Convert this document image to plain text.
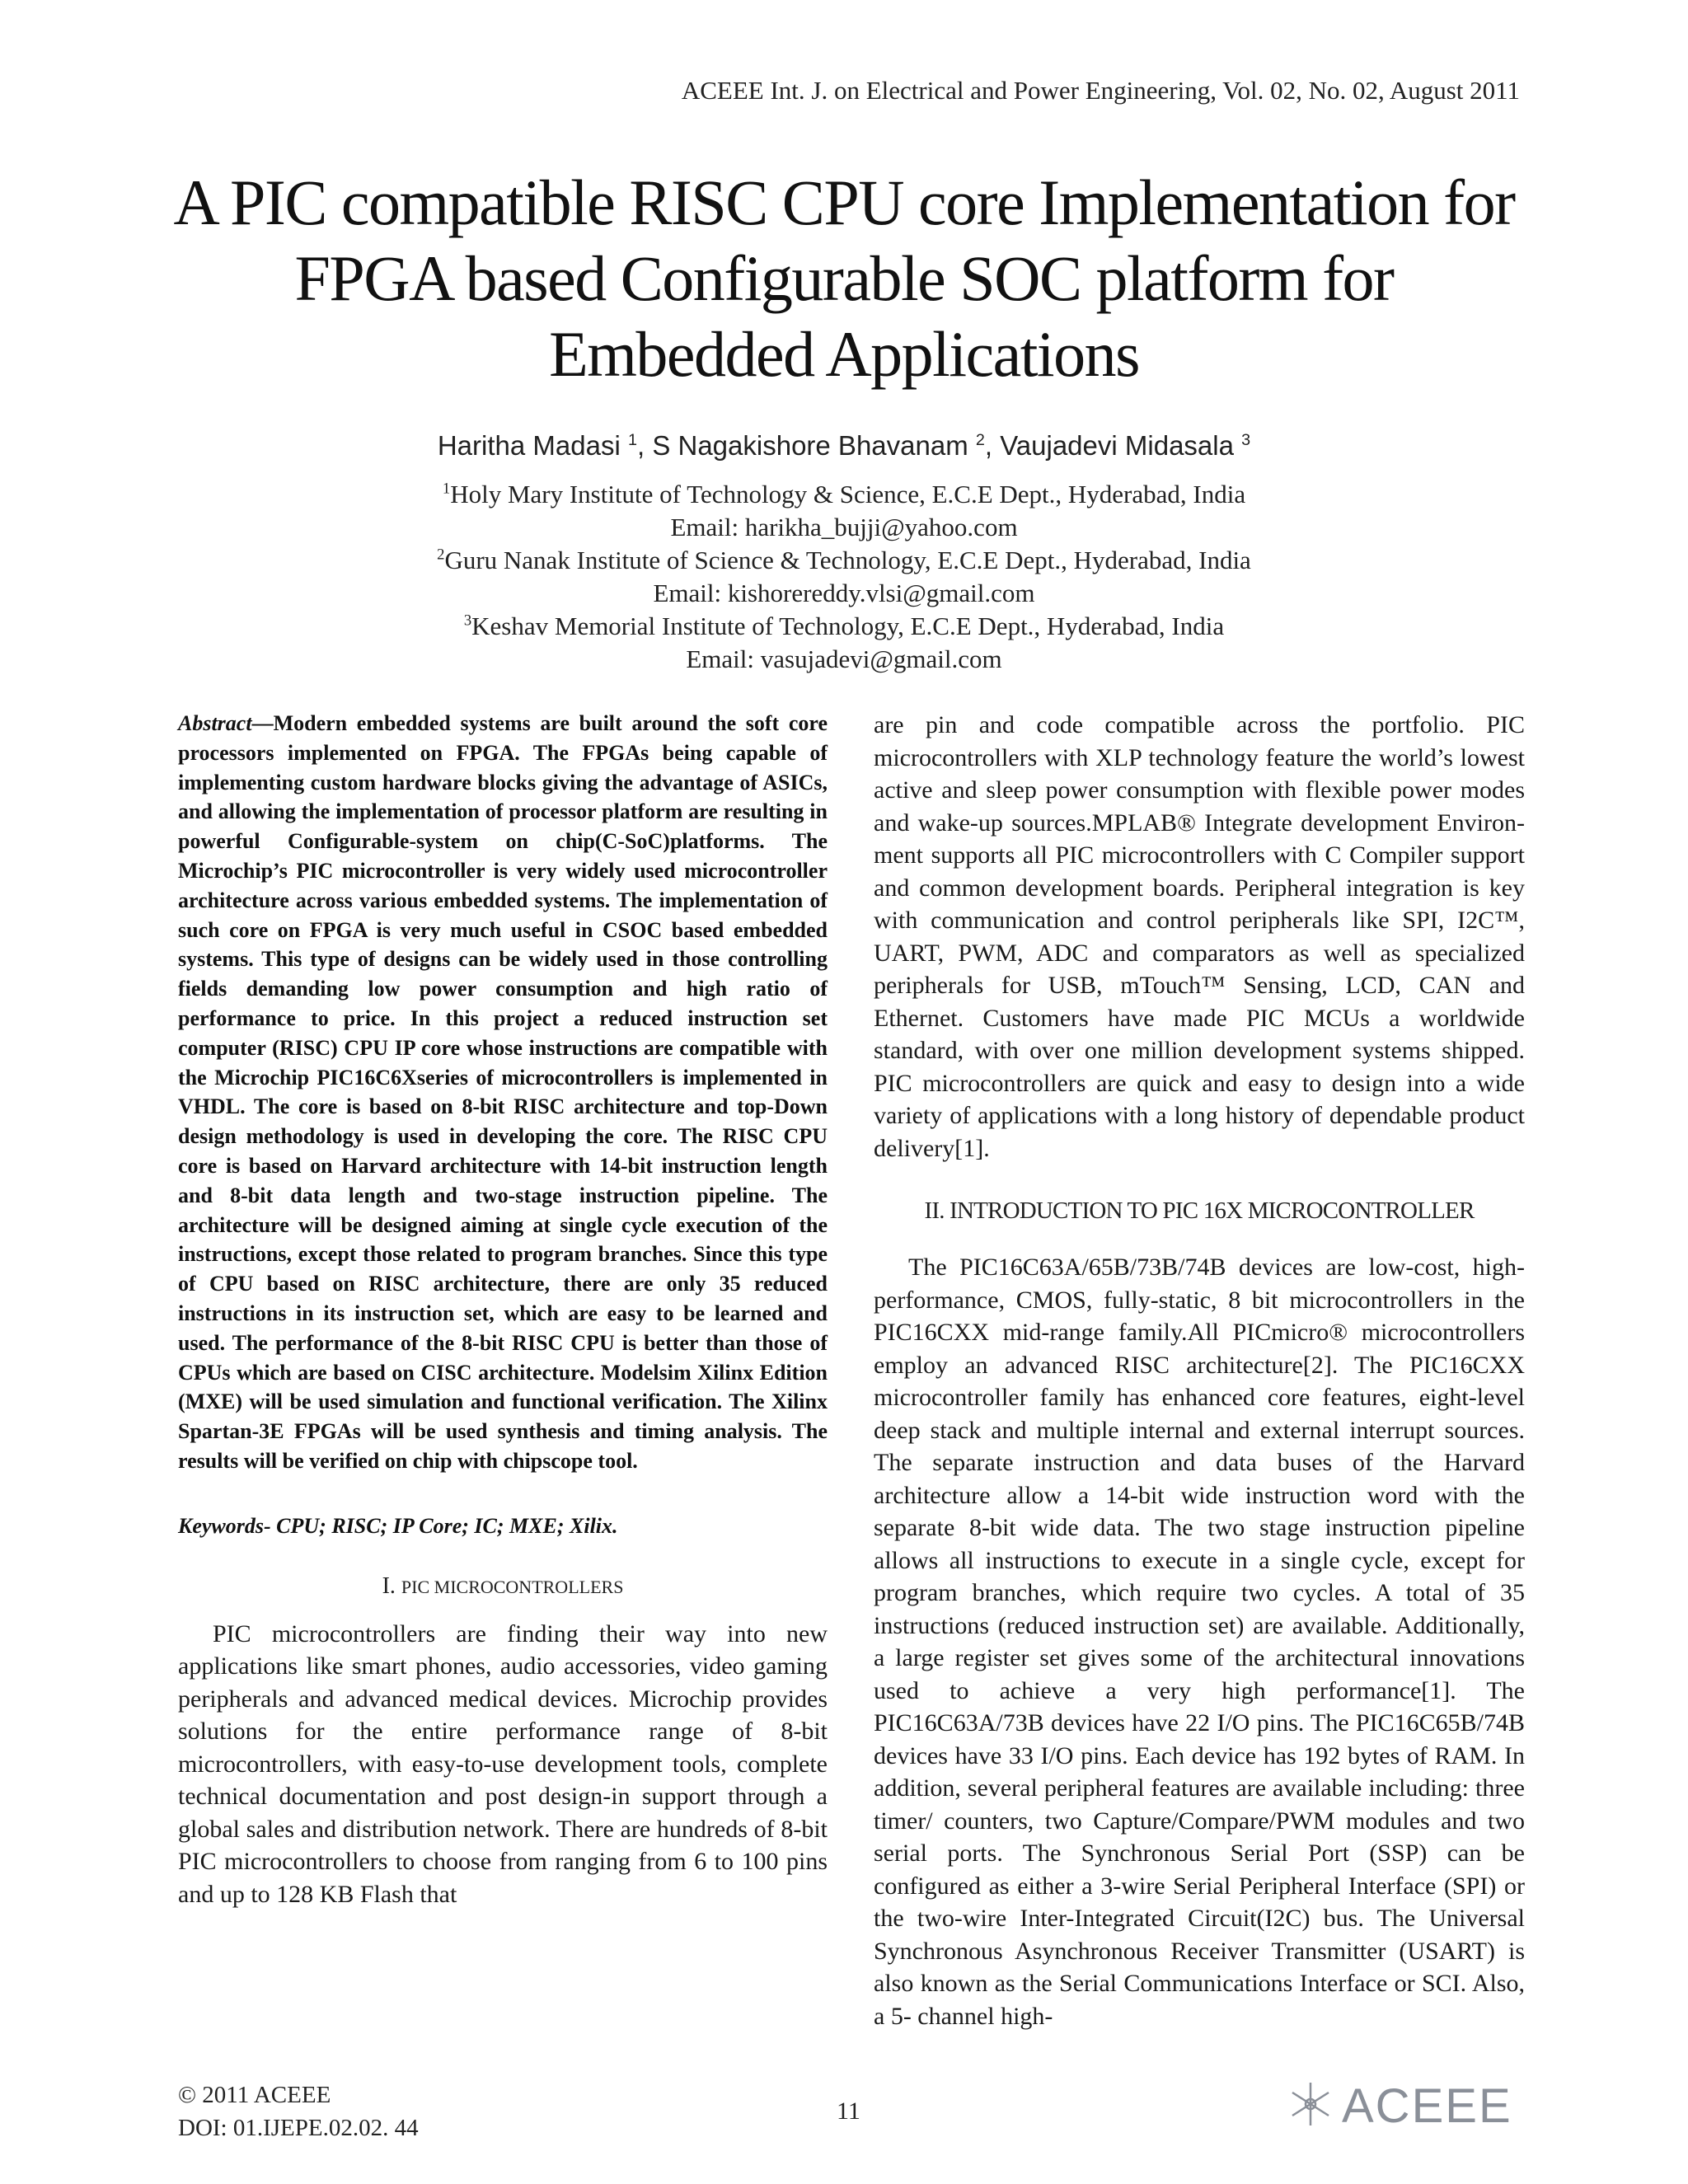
ACEEE Int. J. on Electrical and Power Engineering, Vol. 02, No. 02, August 2011
A PIC compatible RISC CPU core Implementation for
FPGA based Configurable SOC platform for
Embedded Applications
Haritha Madasi $^1$, S Nagakishore Bhavanam $^2$, Vaujadevi Midasala $^3$
$^1$Holy Mary Institute of Technology & Science, E.C.E Dept., Hyderabad, India
Email: harikha_bujji@yahoo.com
$^2$Guru Nanak Institute of Science & Technology, E.C.E Dept., Hyderabad, India
Email: kishorereddy.vlsi@gmail.com
$^3$Keshav Memorial Institute of Technology, E.C.E Dept., Hyderabad, India
Email: vasujadevi@gmail.com

Abstract—Modern embedded systems are built around the soft core processors implemented on FPGA. The FPGAs being capable of implementing custom hardware blocks giving the advantage of ASICs, and allowing the implementation of processor platform are resulting in powerful Configurable-system on chip(C-SoC)platforms. The Microchip’s PIC microcontroller is very widely used microcontroller architecture across various embedded systems. The implementation of such core on FPGA is very much useful in CSOC based embedded systems. This type of designs can be widely used in those controlling fields demanding low power consumption and high ratio of performance to price. In this project a reduced instruction set computer (RISC) CPU IP core whose instructions are compatible with the Microchip PIC16C6Xseries of microcontrollers is implemented in VHDL. The core is based on 8-bit RISC architecture and top-Down design methodology is used in developing the core. The RISC CPU core is based on Harvard architecture with 14-bit instruction length and 8-bit data length and two-stage instruction pipeline. The architecture will be designed aiming at single cycle execution of the instructions, except those related to program branches. Since this type of CPU based on RISC architecture, there are only 35 reduced instructions in its instruction set, which are easy to be learned and used. The performance of the 8-bit RISC CPU is better than those of CPUs which are based on CISC architecture. Modelsim Xilinx Edition (MXE) will be used simulation and functional verification. The Xilinx Spartan-3E FPGAs will be used synthesis and timing analysis. The results will be verified on chip with chipscope tool.

Keywords- CPU; RISC; IP Core; IC; MXE; Xilix.

I. PIC MICROCONTROLLERS

PIC microcontrollers are finding their way into new applications like smart phones, audio accessories, video gaming peripherals and advanced medical devices. Microchip provides solutions for the entire performance range of 8-bit microcontrollers, with easy-to-use development tools, complete technical documentation and post design-in support through a global sales and distribution network. There are hundreds of 8-bit PIC microcontrollers to choose from ranging from 6 to 100 pins and up to 128 KB Flash that

are pin and code compatible across the portfolio. PIC microcontrollers with XLP technology feature the world’s lowest active and sleep power consumption with flexible power modes and wake-up sources.MPLAB® Integrate development Environ-ment supports all PIC microcontrollers with C Compiler support and common development boards. Peripheral integration is key with communication and control peripherals like SPI, I2C™, UART, PWM, ADC and comparators as well as specialized peripherals for USB, mTouch™ Sensing, LCD, CAN and Ethernet. Customers have made PIC MCUs a worldwide standard, with over one million development systems shipped. PIC microcontrollers are quick and easy to design into a wide variety of applications with a long history of dependable product delivery[1].

II. INTRODUCTION TO PIC 16X MICROCONTROLLER

The PIC16C63A/65B/73B/74B devices are low-cost, high-performance, CMOS, fully-static, 8 bit microcontrollers in the PIC16CXX mid-range family.All PICmicro® microcontrollers employ an advanced RISC architecture[2]. The PIC16CXX microcontroller family has enhanced core features, eight-level deep stack and multiple internal and external interrupt sources. The separate instruction and data buses of the Harvard architecture allow a 14-bit wide instruction word with the separate 8-bit wide data. The two stage instruction pipeline allows all instructions to execute in a single cycle, except for program branches, which require two cycles. A total of 35 instructions (reduced instruction set) are available. Additionally, a large register set gives some of the architectural innovations used to achieve a very high performance[1]. The PIC16C63A/73B devices have 22 I/O pins. The PIC16C65B/74B devices have 33 I/O pins. Each device has 192 bytes of RAM. In addition, several peripheral features are available including: three timer/ counters, two Capture/Compare/PWM modules and two serial ports. The Synchronous Serial Port (SSP) can be configured as either a 3-wire Serial Peripheral Interface (SPI) or the two-wire Inter-Integrated Circuit(I2C) bus. The Universal Synchronous Asynchronous Receiver Transmitter (USART) is also known as the Serial Communications Interface or SCI. Also, a 5- channel high-

11
© 2011 ACEEE
DOI: 01.IJEPE.02.02. 44	ACEEE
